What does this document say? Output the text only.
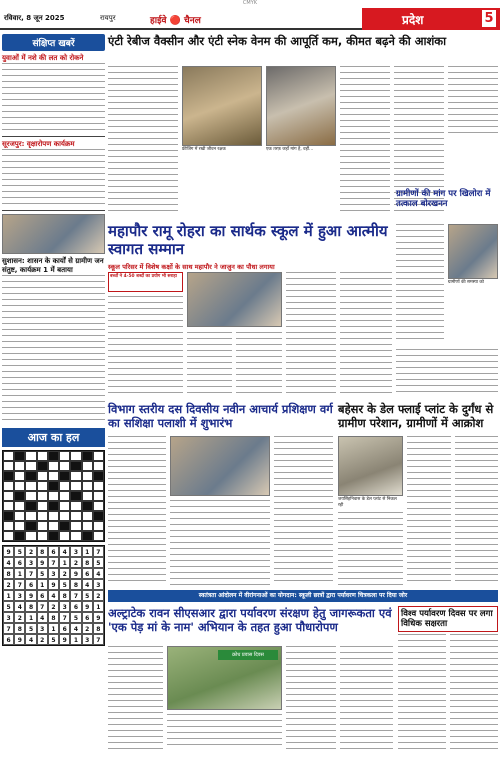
CMYK
रविवार, 8 जून 2025	रायपुर	हाईवे 🔴 चैनल	प्रदेश	5
संक्षिप्त खबरें
युवाओं में नशे की लत को रोकने
सूरजपुर: वृक्षारोपण कार्यक्रम
सुशासन: शासन के कार्यों से ग्रामीण जन संतुष्ट, कार्यक्रम 1 में बताया
आज का हल
9	5	2	8	6	4	3	1	7
4	6	3	9	7	1	2	8	5
8	1	7	5	3	2	9	6	4
2	7	6	1	9	5	8	4	3
1	3	9	6	4	8	7	5	2
5	4	8	7	2	3	6	9	1
3	2	1	4	8	7	5	6	9
7	8	5	3	1	6	4	2	8
6	9	4	2	5	9	1	3	7
एंटी रेबीज वैक्सीन और एंटी स्नेक वेनम की आपूर्ति कम, कीमत बढ़ने की आशंका
फ्रीजिंग में रखी जीवन रक्षक	एक तरफ़ जहाँ मांग है, वहीं...
ग्रामीणों की मांग पर खिलोरा में तत्काल बोरखनन
ग्रामीणों की समस्या को
महापौर रामू रोहरा का सार्थक स्कूल में हुआ आत्मीय स्वागत सम्मान
स्कूल परिसर में विशेष कक्षों के साथ महापौर ने जाजुन का पौधा लगाया
बच्चों ने 4-50 शब्दों का प्रयोग भी सराहा
विभाग स्तरीय दस दिवसीय नवीन आचार्य प्रशिक्षण वर्ग का सशिक्षा पलाशी में शुभारंभ
बहेसर के डेल फ्लाई प्लांट के दुर्गंध से ग्रामीण परेशान, ग्रामीणों में आक्रोश
जयसिंहनिवास के डेल प्लांट से निकल रही
स्वतंत्रता आंदोलन में वीरांगनाओं का योगदान: स्कूली छात्रों द्वारा पर्यावरण चित्रकला पर दिया जोर
अल्ट्राटेक रावन सीएसआर द्वारा पर्यावरण संरक्षण हेतु जागरूकता एवं 'एक पेड़ मां के नाम' अभियान के तहत हुआ पौधारोपण
क्रोध प्रवास दिवस
विश्व पर्यावरण दिवस पर लगा विधिक सक्षरता
